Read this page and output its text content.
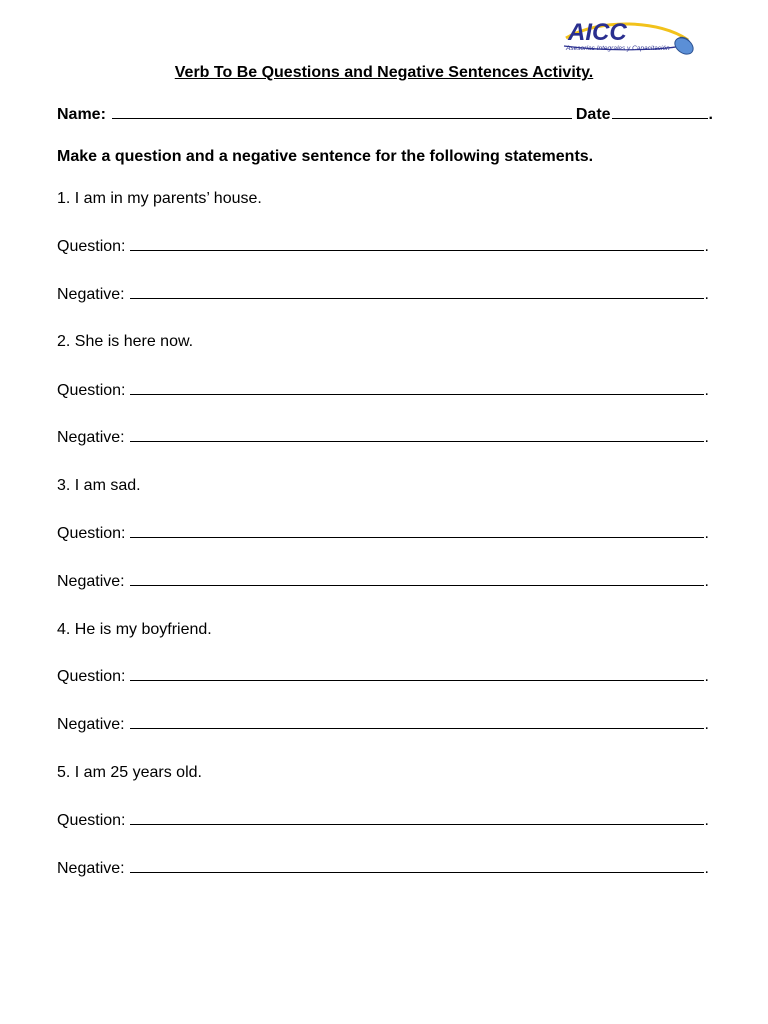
AICC
Asesorías Integrales y Capacitación
Verb To Be Questions and Negative Sentences Activity.
Name:	Date	.
Make a question and a negative sentence for the following statements.
1. I am in my parents’ house.
Question:	.
Negative:	.
2. She is here now.
Question:	.
Negative:	.
3. I am sad.
Question:	.
Negative:	.
4. He is my boyfriend.
Question:	.
Negative:	.
5. I am 25 years old.
Question:	.
Negative:	.
